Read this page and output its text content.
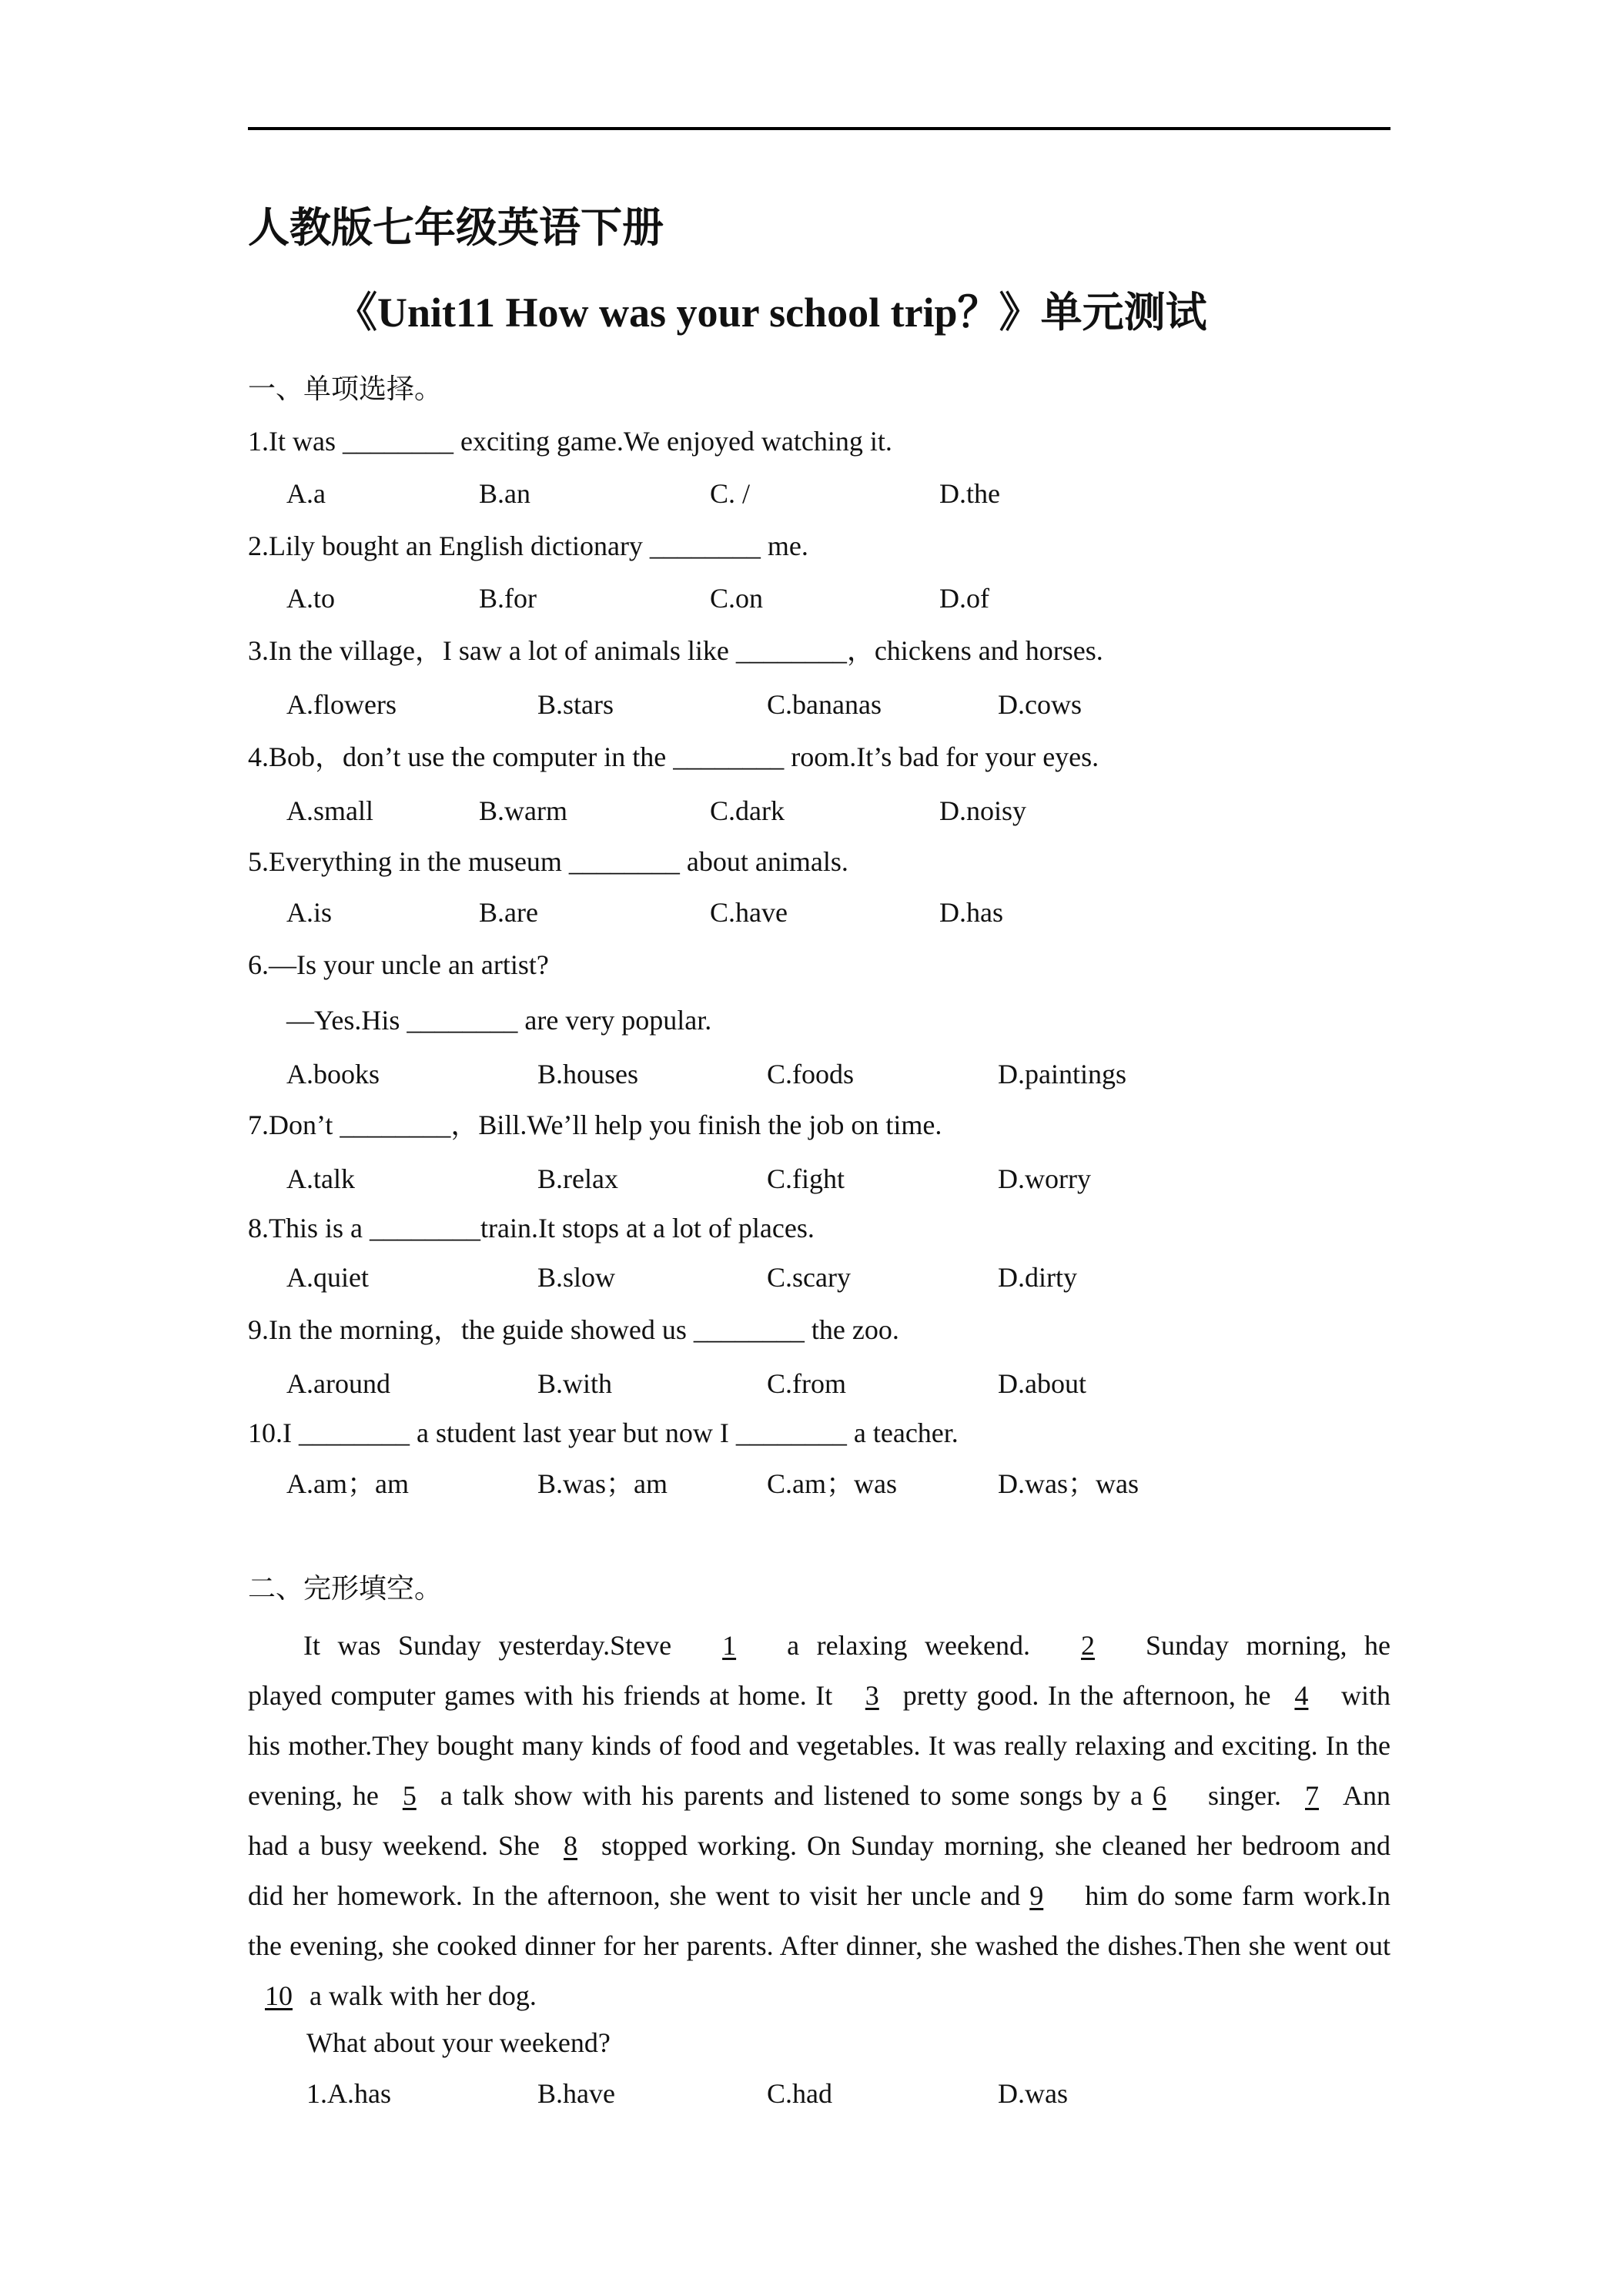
人教版七年级英语下册
《Unit11 How was your school trip？》单元测试
一、单项选择。
1.It was ________ exciting game.We enjoyed watching it.
A.a	B.an	C. /	D.the
2.Lily bought an English dictionary ________ me.
A.to	B.for	C.on	D.of
3.In the village，I saw a lot of animals like ________，chickens and horses.
A.flowers	B.stars	C.bananas	D.cows
4.Bob，don’t use the computer in the ________ room.It’s bad for your eyes.
A.small	B.warm	C.dark	D.noisy
5.Everything in the museum ________ about animals.
A.is	B.are	C.have	D.has
6.—Is your uncle an artist?
—Yes.His ________ are very popular.
A.books	B.houses	C.foods	D.paintings
7.Don’t ________，Bill.We’ll help you finish the job on time.
A.talk	B.relax	C.fight	D.worry
8.This is a ________train.It stops at a lot of places.
A.quiet	B.slow	C.scary	D.dirty
9.In the morning，the guide showed us ________ the zoo.
A.around	B.with	C.from	D.about
10.I ________ a student last year but now I ________ a teacher.
A.am；am	B.was；am	C.am；was	D.was；was
二、完形填空。

It was Sunday yesterday.Steve 1 a relaxing weekend. 2 Sunday morning, he played computer games with his friends at home. It 3 pretty good. In the afternoon, he 4 with his mother.They bought many kinds of food and vegetables. It was really relaxing and exciting. In the evening, he 5 a talk show with his parents and listened to some songs by a 6 singer. 7 Ann had a busy weekend. She 8 stopped working. On Sunday morning, she cleaned her bedroom and did her homework. In the afternoon, she went to visit her uncle and 9 him do some farm work.In the evening, she cooked dinner for her parents. After dinner, she washed the dishes.Then she went out10 a walk with her dog.

What about your weekend?
1.A.has	B.have	C.had	D.was
